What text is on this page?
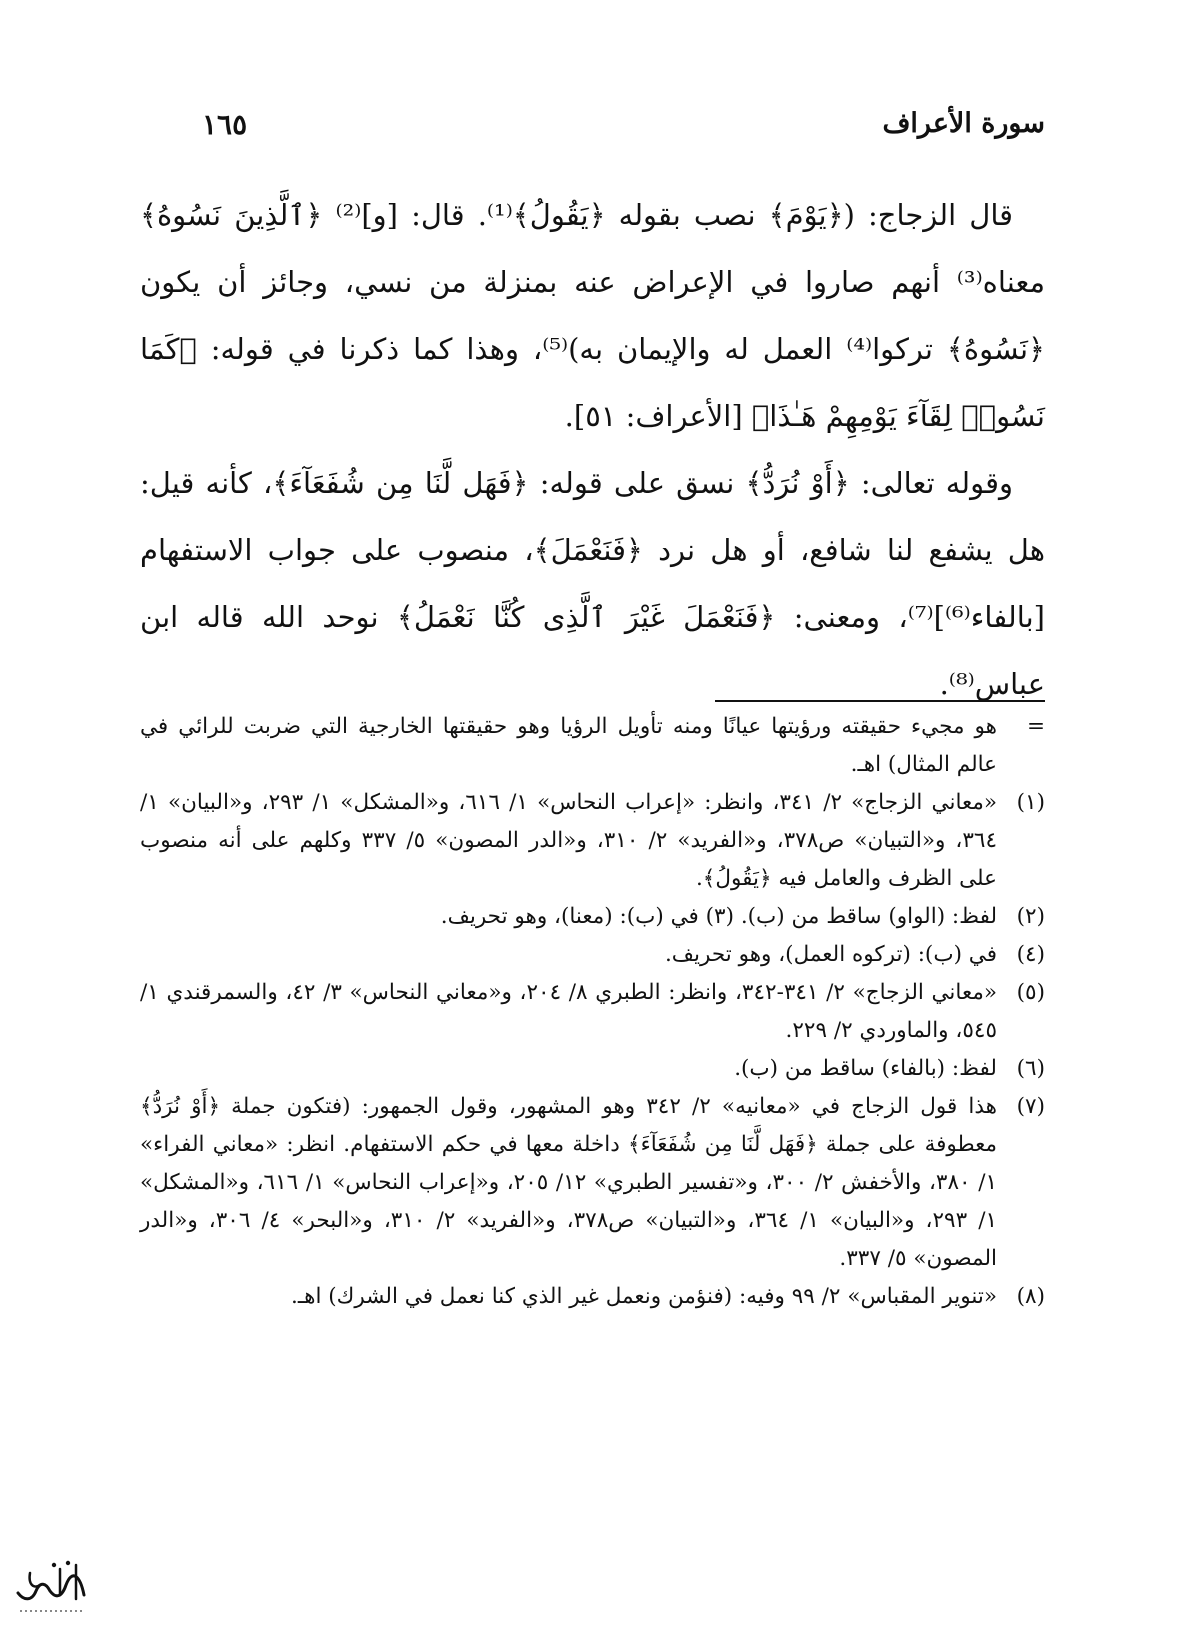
سورة الأعراف
١٦٥

قال الزجاج: (﴿يَوْمَ﴾ نصب بقوله ﴿يَقُولُ﴾⁽¹⁾. قال: [و]⁽²⁾ ﴿ٱلَّذِينَ نَسُوهُ﴾ معناه⁽³⁾ أنهم صاروا في الإعراض عنه بمنزلة من نسي، وجائز أن يكون ﴿نَسُوهُ﴾ تركوا⁽⁴⁾ العمل له والإيمان به)⁽⁵⁾، وهذا كما ذكرنا في قوله: ﴿كَمَا نَسُوا۟ لِقَآءَ يَوْمِهِمْ هَـٰذَا﴾ [الأعراف: ٥١].

وقوله تعالى: ﴿أَوْ نُرَدُّ﴾ نسق على قوله: ﴿فَهَل لَّنَا مِن شُفَعَآءَ﴾، كأنه قيل: هل يشفع لنا شافع، أو هل نرد ﴿فَنَعْمَلَ﴾، منصوب على جواب الاستفهام [بالفاء⁽⁶⁾]⁽⁷⁾، ومعنى: ﴿فَنَعْمَلَ غَيْرَ ٱلَّذِى كُنَّا نَعْمَلُ﴾ نوحد الله قاله ابن عباس⁽⁸⁾.

=
هو مجيء حقيقته ورؤيتها عيانًا ومنه تأويل الرؤيا وهو حقيقتها الخارجية التي ضربت للرائي في عالم المثال) اهـ.
(١)
«معاني الزجاج» ٢/ ٣٤١، وانظر: «إعراب النحاس» ١/ ٦١٦، و«المشكل» ١/ ٢٩٣، و«البيان» ١/ ٣٦٤، و«التبيان» ص٣٧٨، و«الفريد» ٢/ ٣١٠، و«الدر المصون» ٥/ ٣٣٧ وكلهم على أنه منصوب على الظرف والعامل فيه ﴿يَقُولُ﴾.
(٢)
لفظ: (الواو) ساقط من (ب). (٣) في (ب): (معنا)، وهو تحريف.
(٤)
في (ب): (تركوه العمل)، وهو تحريف.
(٥)
«معاني الزجاج» ٢/ ٣٤١-٣٤٢، وانظر: الطبري ٨/ ٢٠٤، و«معاني النحاس» ٣/ ٤٢، والسمرقندي ١/ ٥٤٥، والماوردي ٢/ ٢٢٩.
(٦)
لفظ: (بالفاء) ساقط من (ب).
(٧)
هذا قول الزجاج في «معانيه» ٢/ ٣٤٢ وهو المشهور، وقول الجمهور: (فتكون جملة ﴿أَوْ نُرَدُّ﴾ معطوفة على جملة ﴿فَهَل لَّنَا مِن شُفَعَآءَ﴾ داخلة معها في حكم الاستفهام. انظر: «معاني الفراء» ١/ ٣٨٠، والأخفش ٢/ ٣٠٠، و«تفسير الطبري» ١٢/ ٢٠٥، و«إعراب النحاس» ١/ ٦١٦، و«المشكل» ١/ ٢٩٣، و«البيان» ١/ ٣٦٤، و«التبيان» ص٣٧٨، و«الفريد» ٢/ ٣١٠، و«البحر» ٤/ ٣٠٦، و«الدر المصون» ٥/ ٣٣٧.
(٨)
«تنوير المقباس» ٢/ ٩٩ وفيه: (فنؤمن ونعمل غير الذي كنا نعمل في الشرك) اهـ.
